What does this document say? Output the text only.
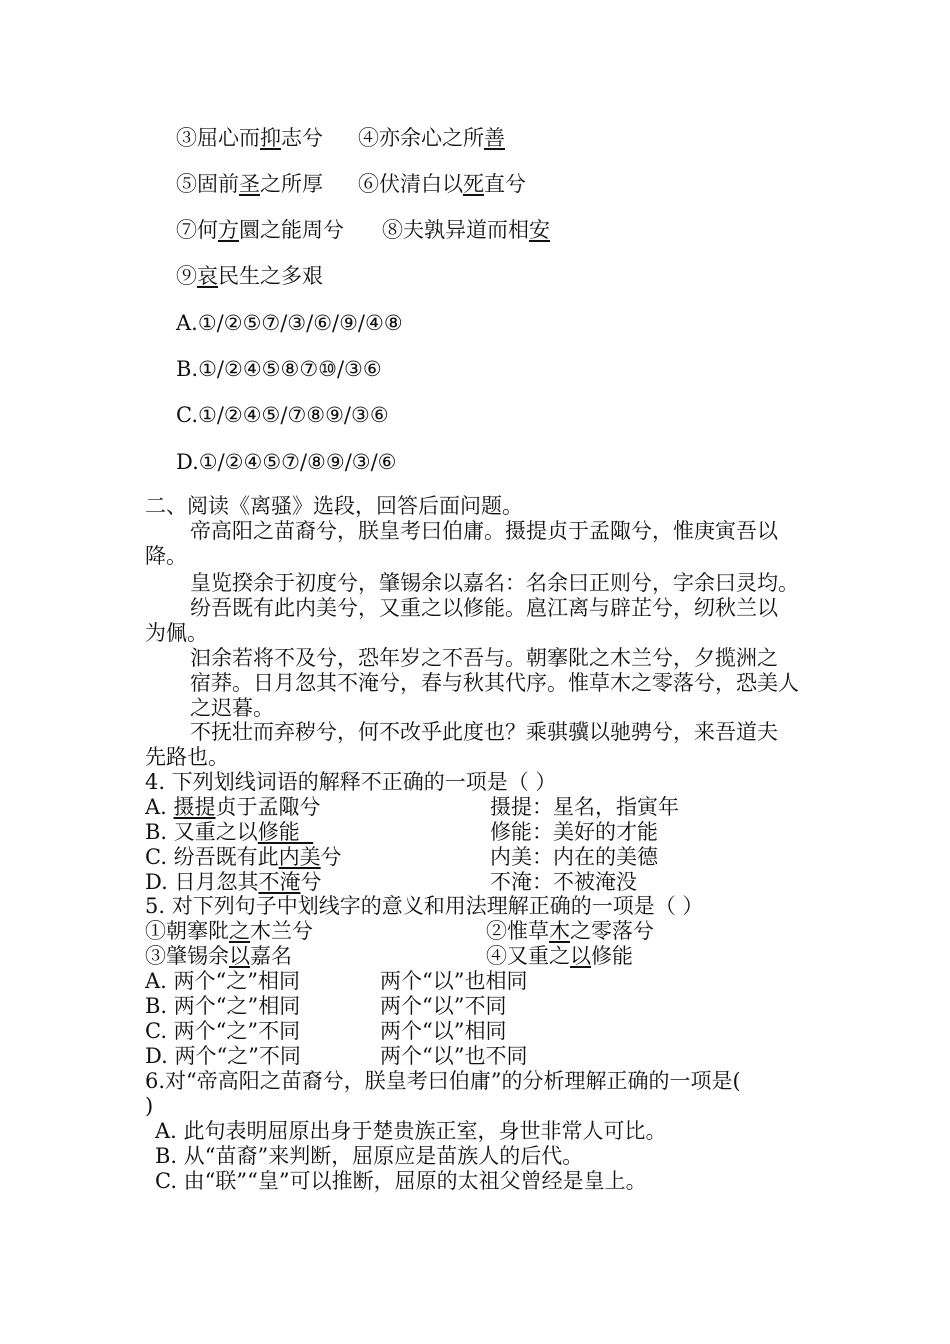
③屈心而抑志兮 ④亦余心之所善
⑤固前圣之所厚 ⑥伏清白以死直兮
⑦何方圜之能周兮 ⑧夫孰异道而相安
⑨哀民生之多艰
A.①/②⑤⑦/③/⑥/⑨/④⑧
B.①/②④⑤⑧⑦⑩/③⑥
C.①/②④⑤/⑦⑧⑨/③⑥
D.①/②④⑤⑦/⑧⑨/③/⑥
二、阅读《离骚》选段，回答后面问题。
帝高阳之苗裔兮，朕皇考曰伯庸。摄提贞于孟陬兮，惟庚寅吾以
降。
皇览揆余于初度兮，肇锡余以嘉名：名余曰正则兮，字余曰灵均。
纷吾既有此内美兮，又重之以修能。扈江离与辟芷兮，纫秋兰以
为佩。
汩余若将不及兮，恐年岁之不吾与。朝搴阰之木兰兮，夕揽洲之
宿莽。日月忽其不淹兮，春与秋其代序。惟草木之零落兮，恐美人
之迟暮。
不抚壮而弃秽兮，何不改乎此度也？乘骐骥以驰骋兮，来吾道夫
先路也。
4. 下列划线词语的解释不正确的一项是（ ）
A. 摄提贞于孟陬兮	摄提：星名，指寅年
B. 又重之以修能	修能：美好的才能
C. 纷吾既有此内美兮	内美：内在的美德
D. 日月忽其不淹兮	不淹：不被淹没
5. 对下列句子中划线字的意义和用法理解正确的一项是（ ）
①朝搴阰之木兰兮	②惟草木之零落兮
③肇锡余以嘉名	④又重之以修能
A. 两个“之”相同	两个“以”也相同
B. 两个“之”相同	两个“以”不同
C. 两个“之”不同	两个“以”相同
D. 两个“之”不同	两个“以”也不同
6.对“帝高阳之苗裔兮，朕皇考曰伯庸”的分析理解正确的一项是(
)
A. 此句表明屈原出身于楚贵族正室，身世非常人可比。
B. 从“苗裔”来判断，屈原应是苗族人的后代。
C. 由“联”“皇”可以推断，屈原的太祖父曾经是皇上。
